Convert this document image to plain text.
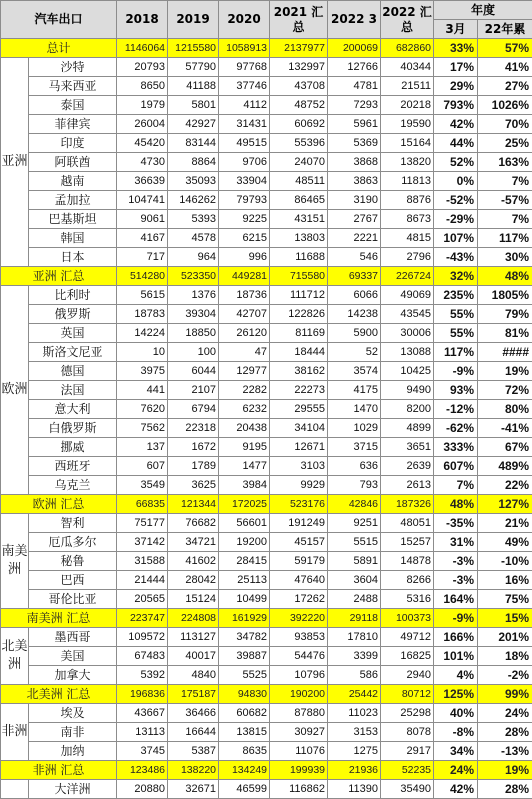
汽车出口		2018	2019	2020	2021 汇总	2022 3	2022 汇总	年度	
								3月	22年累
总计		1146064	1215580	1058913	2137977	200069	682860	33%	57%
亚洲	沙特	20793	57790	97768	132997	12766	40344	17%	41%
	马来西亚	8650	41188	37746	43708	4781	21511	29%	27%
	泰国	1979	5801	4112	48752	7293	20218	793%	1026%
	菲律宾	26004	42927	31431	60692	5961	19590	42%	70%
	印度	45420	83144	49515	55396	5369	15164	44%	25%
	阿联酋	4730	8864	9706	24070	3868	13820	52%	163%
	越南	36639	35093	33904	48511	3863	11813	0%	7%
	孟加拉	104741	146262	79793	86465	3190	8876	-52%	-57%
	巴基斯坦	9061	5393	9225	43151	2767	8673	-29%	7%
	韩国	4167	4578	6215	13803	2221	4815	107%	117%
	日本	717	964	996	11688	546	2796	-43%	30%
亚洲 汇总		514280	523350	449281	715580	69337	226724	32%	48%
欧洲	比利时	5615	1376	18736	111712	6066	49069	235%	1805%
	俄罗斯	18783	39304	42707	122826	14238	43545	55%	79%
	英国	14224	18850	26120	81169	5900	30006	55%	81%
	斯洛文尼亚	10	100	47	18444	52	13088	117%	####
	德国	3975	6044	12977	38162	3574	10425	-9%	19%
	法国	441	2107	2282	22273	4175	9490	93%	72%
	意大利	7620	6794	6232	29555	1470	8200	-12%	80%
	白俄罗斯	7562	22318	20438	34104	1029	4899	-62%	-41%
	挪威	137	1672	9195	12671	3715	3651	333%	67%
	西班牙	607	1789	1477	3103	636	2639	607%	489%
	乌克兰	3549	3625	3984	9929	793	2613	7%	22%
欧洲 汇总		66835	121344	172025	523176	42846	187326	48%	127%
南美洲	智利	75177	76682	56601	191249	9251	48051	-35%	21%
	厄瓜多尔	37142	34721	19200	45157	5515	15257	31%	49%
	秘鲁	31588	41602	28415	59179	5891	14878	-3%	-10%
	巴西	21444	28042	25113	47640	3604	8266	-3%	16%
	哥伦比亚	20565	15124	10499	17262	2488	5316	164%	75%
南美洲 汇总		223747	224808	161929	392220	29118	100373	-9%	15%
北美洲	墨西哥	109572	113127	34782	93853	17810	49712	166%	201%
	美国	67483	40017	39887	54476	3399	16825	101%	18%
	加拿大	5392	4840	5525	10796	586	2940	4%	-2%
北美洲 汇总		196836	175187	94830	190200	25442	80712	125%	99%
非洲	埃及	43667	36466	60682	87880	11023	25298	40%	24%
	南非	13113	16644	13815	30927	3153	8078	-8%	28%
	加纳	3745	5387	8635	11076	1275	2917	34%	-13%
非洲 汇总		123486	138220	134249	199939	21936	52235	24%	19%
	大洋洲	20880	32671	46599	116862	11390	35490	42%	28%
